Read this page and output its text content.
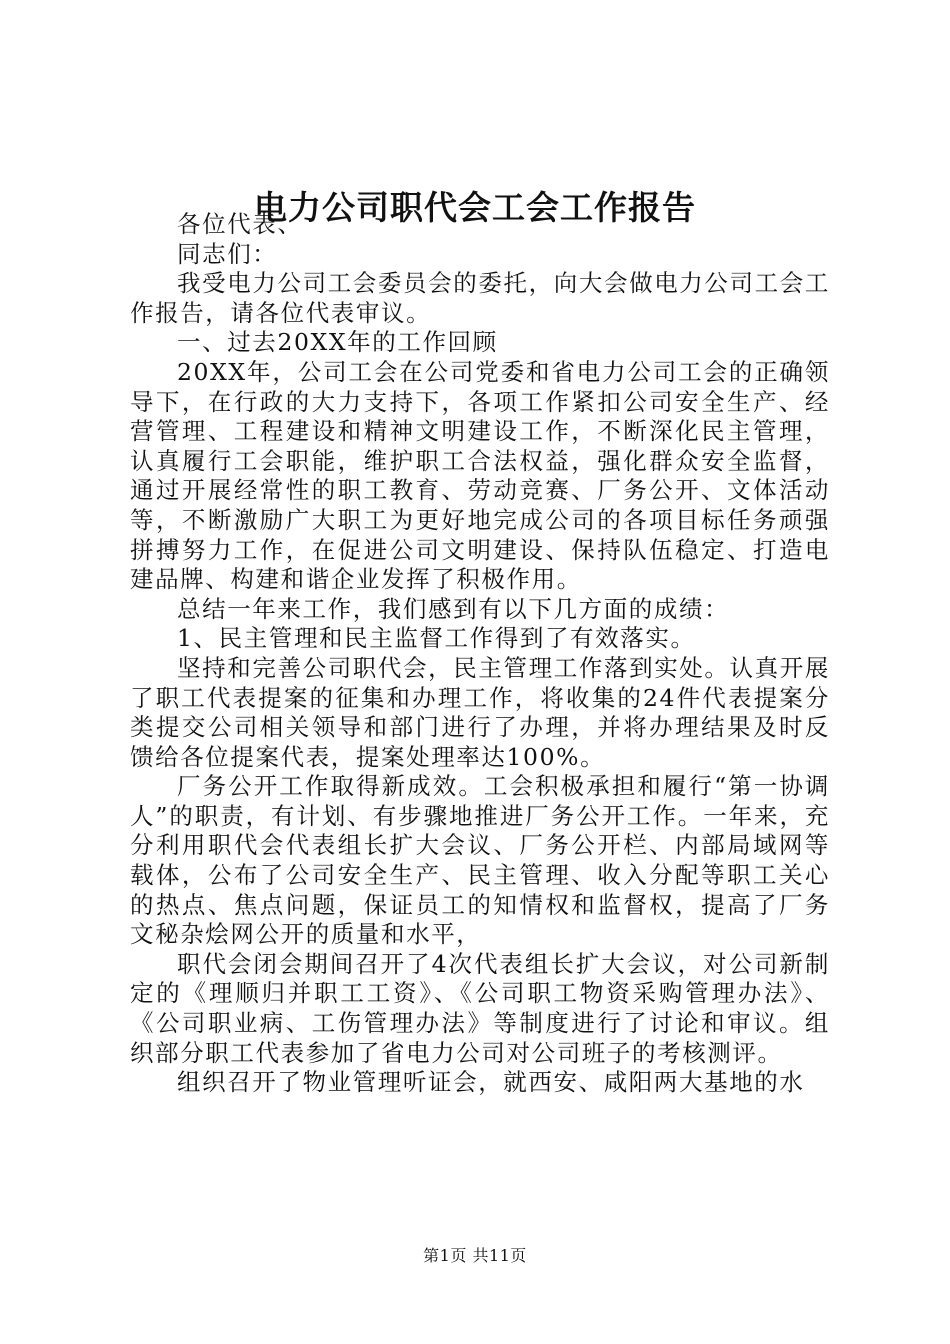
电力公司职代会工会工作报告

各位代表、

同志们：

我受电力公司工会委员会的委托，向大会做电力公司工会工作报告，请各位代表审议。

一、过去20XX年的工作回顾

20XX年，公司工会在公司党委和省电力公司工会的正确领导下，在行政的大力支持下，各项工作紧扣公司安全生产、经营管理、工程建设和精神文明建设工作，不断深化民主管理，认真履行工会职能，维护职工合法权益，强化群众安全监督，通过开展经常性的职工教育、劳动竞赛、厂务公开、文体活动等，不断激励广大职工为更好地完成公司的各项目标任务顽强拼搏努力工作，在促进公司文明建设、保持队伍稳定、打造电建品牌、构建和谐企业发挥了积极作用。

总结一年来工作，我们感到有以下几方面的成绩：

1、民主管理和民主监督工作得到了有效落实。

坚持和完善公司职代会，民主管理工作落到实处。认真开展了职工代表提案的征集和办理工作，将收集的24件代表提案分类提交公司相关领导和部门进行了办理，并将办理结果及时反馈给各位提案代表，提案处理率达100%。

厂务公开工作取得新成效。工会积极承担和履行“第一协调人”的职责，有计划、有步骤地推进厂务公开工作。一年来，充分利用职代会代表组长扩大会议、厂务公开栏、内部局域网等载体，公布了公司安全生产、民主管理、收入分配等职工关心的热点、焦点问题，保证员工的知情权和监督权，提高了厂务文秘杂烩网公开的质量和水平，

职代会闭会期间召开了4次代表组长扩大会议，对公司新制定的《理顺归并职工工资》、《公司职工物资采购管理办法》、《公司职业病、工伤管理办法》等制度进行了讨论和审议。组织部分职工代表参加了省电力公司对公司班子的考核测评。

组织召开了物业管理听证会，就西安、咸阳两大基地的水

第1页 共11页
